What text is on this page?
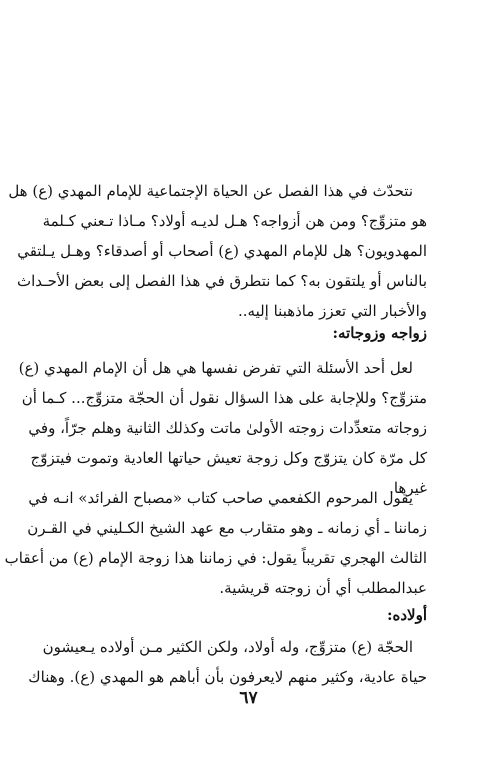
نتحدّث في هذا الفصل عن الحياة الإجتماعية للإمام المهدي (ع) هل
هو متزوِّج؟ ومن هن أزواجه؟ هـل لديـه أولاد؟ مـاذا تـعني كـلمة
المهدويون؟ هل للإمام المهدي (ع) أصحاب أو أصدقاء؟ وهـل يـلتقي
بالناس أو يلتقون به؟ كما نتطرق في هذا الفصل إلى بعض الأحـداث
والأخبار التي تعزز ماذهبنا إليه..
زواجه وزوجاته:
لعل أحد الأسئلة التي تفرض نفسها هي هل أن الإمام المهدي (ع)
متزوِّج؟ وللإجابة على هذا السؤال نقول أن الحجّة متزوِّج... كـما أن
زوجاته متعدِّدات زوجته الأولىٰ ماتت وكذلك الثانية وهلم جرّاً، وفي
كل مرّة كان يتزوّج وكل زوجة تعيش حياتها العادية وتموت فيتزوّج
غيرها.
يقول المرحوم الكفعمي صاحب كتاب «مصباح الفرائد» انـه في
زماننا ـ أي زمانه ـ وهو متقارب مع عهد الشيخ الكـليني في القـرن
الثالث الهجري تقريباً يقول: في زماننا هذا زوجة الإمام (ع) من أعقاب
عبدالمطلب أي أن زوجته قريشية.
أولاده:
الحجّة (ع) متزوِّج، وله أولاد، ولكن الكثير مـن أولاده يـعيشون
حياة عادية، وكثير منهم لايعرفون بأن أباهم هو المهدي (ع). وهناك
٦٧
